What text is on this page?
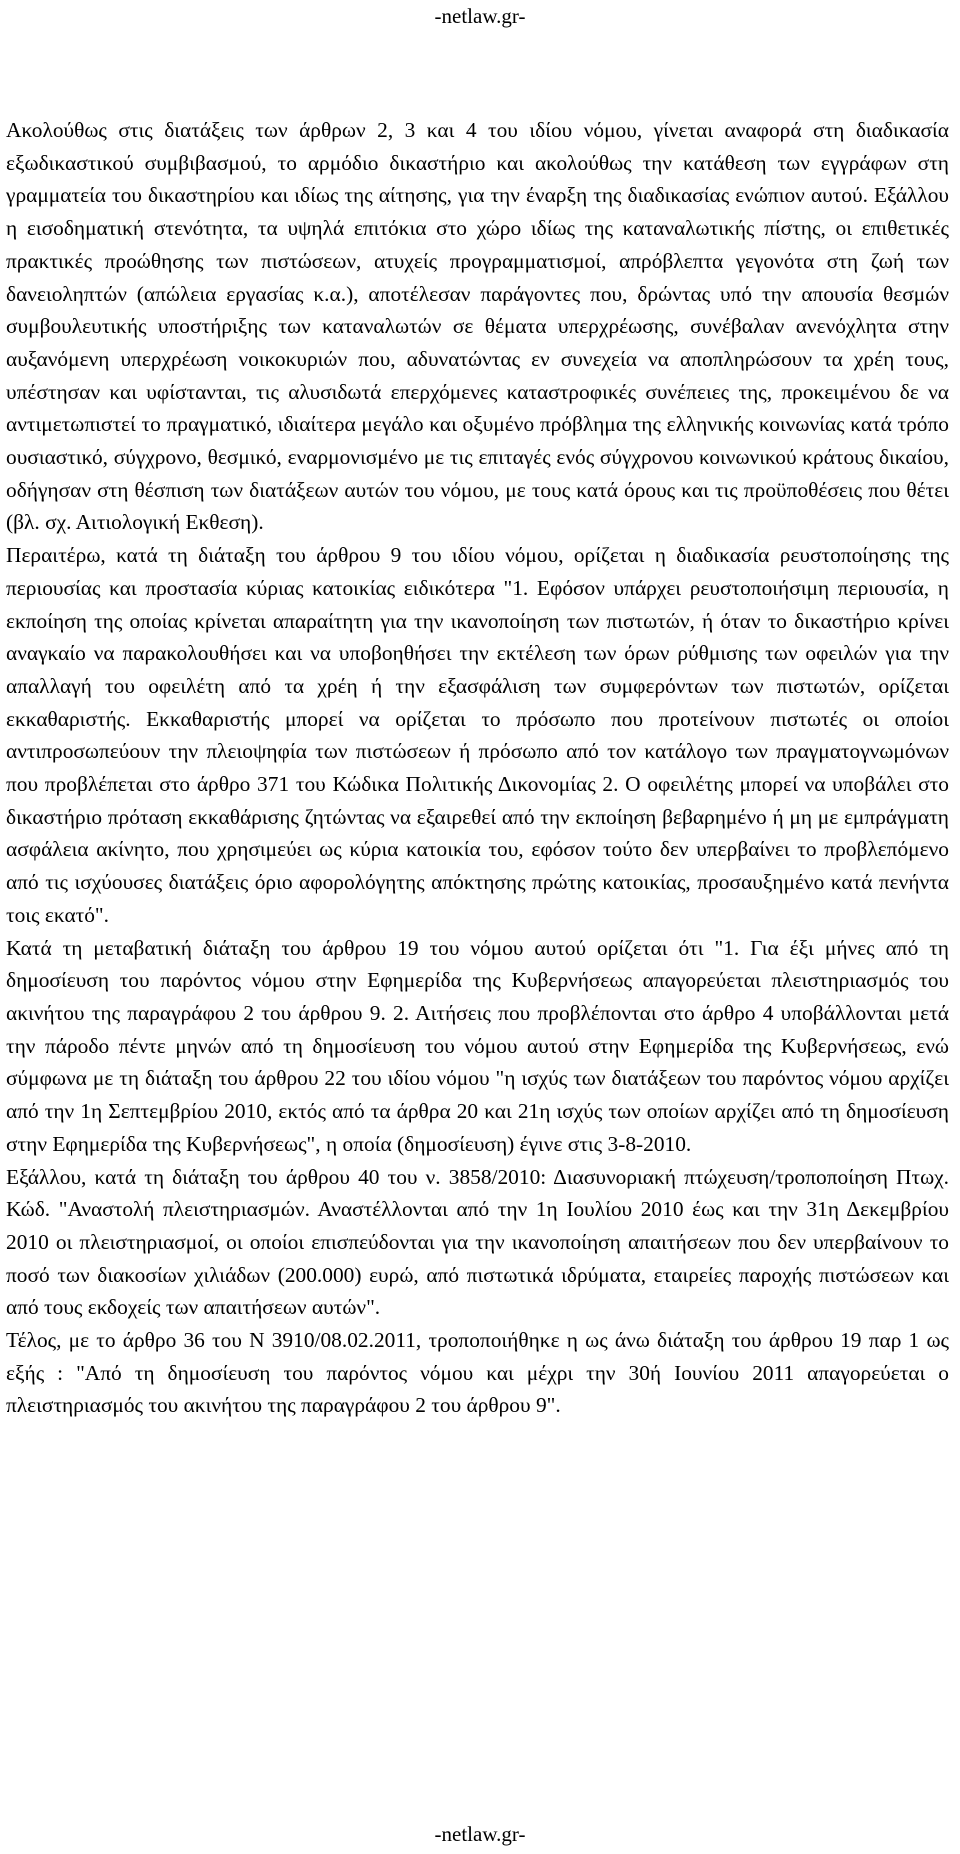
-netlaw.gr-

Ακολούθως στις διατάξεις των άρθρων 2, 3 και 4 του ιδίου νόμου, γίνεται αναφορά στη διαδικασία εξωδικαστικού συμβιβασμού, το αρμόδιο δικαστήριο και ακολούθως την κατάθεση των εγγράφων στη γραμματεία του δικαστηρίου και ιδίως της αίτησης, για την έναρξη της διαδικασίας ενώπιον αυτού. Εξάλλου η εισοδηματική στενότητα, τα υψηλά επιτόκια στο χώρο ιδίως της καταναλωτικής πίστης, οι επιθετικές πρακτικές προώθησης των πιστώσεων, ατυχείς προγραμματισμοί, απρόβλεπτα γεγονότα στη ζωή των δανειοληπτών (απώλεια εργασίας κ.α.), αποτέλεσαν παράγοντες που, δρώντας υπό την απουσία θεσμών συμβουλευτικής υποστήριξης των καταναλωτών σε θέματα υπερχρέωσης, συνέβαλαν ανενόχλητα στην αυξανόμενη υπερχρέωση νοικοκυριών που, αδυνατώντας εν συνεχεία να αποπληρώσουν τα χρέη τους, υπέστησαν και υφίστανται, τις αλυσιδωτά επερχόμενες καταστροφικές συνέπειες της, προκειμένου δε να αντιμετωπιστεί το πραγματικό, ιδιαίτερα μεγάλο και οξυμένο πρόβλημα της ελληνικής κοινωνίας κατά τρόπο ουσιαστικό, σύγχρονο, θεσμικό, εναρμονισμένο με τις επιταγές ενός σύγχρονου κοινωνικού κράτους δικαίου, οδήγησαν στη θέσπιση των διατάξεων αυτών του νόμου, με τους κατά όρους και τις προϋποθέσεις που θέτει (βλ. σχ. Αιτιολογική Εκθεση).

Περαιτέρω, κατά τη διάταξη του άρθρου 9 του ιδίου νόμου, ορίζεται η διαδικασία ρευστοποίησης της περιουσίας και προστασία κύριας κατοικίας ειδικότερα "1. Εφόσον υπάρχει ρευστοποιήσιμη περιουσία, η εκποίηση της οποίας κρίνεται απαραίτητη για την ικανοποίηση των πιστωτών, ή όταν το δικαστήριο κρίνει αναγκαίο να παρακολουθήσει και να υποβοηθήσει την εκτέλεση των όρων ρύθμισης των οφειλών για την απαλλαγή του οφειλέτη από τα χρέη ή την εξασφάλιση των συμφερόντων των πιστωτών, ορίζεται εκκαθαριστής. Εκκαθαριστής μπορεί να ορίζεται το πρόσωπο που προτείνουν πιστωτές οι οποίοι αντιπροσωπεύουν την πλειοψηφία των πιστώσεων ή πρόσωπο από τον κατάλογο των πραγματογνωμόνων που προβλέπεται στο άρθρο 371 του Κώδικα Πολιτικής Δικονομίας 2. Ο οφειλέτης μπορεί να υποβάλει στο δικαστήριο πρόταση εκκαθάρισης ζητώντας να εξαιρεθεί από την εκποίηση βεβαρημένο ή μη με εμπράγματη ασφάλεια ακίνητο, που χρησιμεύει ως κύρια κατοικία του, εφόσον τούτο δεν υπερβαίνει το προβλεπόμενο από τις ισχύουσες διατάξεις όριο αφορολόγητης απόκτησης πρώτης κατοικίας, προσαυξημένο κατά πενήντα τοις εκατό".

Κατά τη μεταβατική διάταξη του άρθρου 19 του νόμου αυτού ορίζεται ότι "1. Για έξι μήνες από τη δημοσίευση του παρόντος νόμου στην Εφημερίδα της Κυβερνήσεως απαγορεύεται πλειστηριασμός του ακινήτου της παραγράφου 2 του άρθρου 9. 2. Αιτήσεις που προβλέπονται στο άρθρο 4 υποβάλλονται μετά την πάροδο πέντε μηνών από τη δημοσίευση του νόμου αυτού στην Εφημερίδα της Κυβερνήσεως, ενώ σύμφωνα με τη διάταξη του άρθρου 22 του ιδίου νόμου "η ισχύς των διατάξεων του παρόντος νόμου αρχίζει από την 1η Σεπτεμβρίου 2010, εκτός από τα άρθρα 20 και 21η ισχύς των οποίων αρχίζει από τη δημοσίευση στην Εφημερίδα της Κυβερνήσεως", η οποία (δημοσίευση) έγινε στις 3-8-2010.

Εξάλλου, κατά τη διάταξη του άρθρου 40 του ν. 3858/2010: Διασυνοριακή πτώχευση/τροποποίηση Πτωχ. Κώδ. "Αναστολή πλειστηριασμών. Αναστέλλονται από την 1η Ιουλίου 2010 έως και την 31η Δεκεμβρίου 2010 οι πλειστηριασμοί, οι οποίοι επισπεύδονται για την ικανοποίηση απαιτήσεων που δεν υπερβαίνουν το ποσό των διακοσίων χιλιάδων (200.000) ευρώ, από πιστωτικά ιδρύματα, εταιρείες παροχής πιστώσεων και από τους εκδοχείς των απαιτήσεων αυτών".

Τέλος, με το άρθρο 36 του Ν 3910/08.02.2011, τροποποιήθηκε η ως άνω διάταξη του άρθρου 19 παρ 1 ως εξής : "Από τη δημοσίευση του παρόντος νόμου και μέχρι την 30ή Ιουνίου 2011 απαγορεύεται ο πλειστηριασμός του ακινήτου της παραγράφου 2 του άρθρου 9".

-netlaw.gr-
